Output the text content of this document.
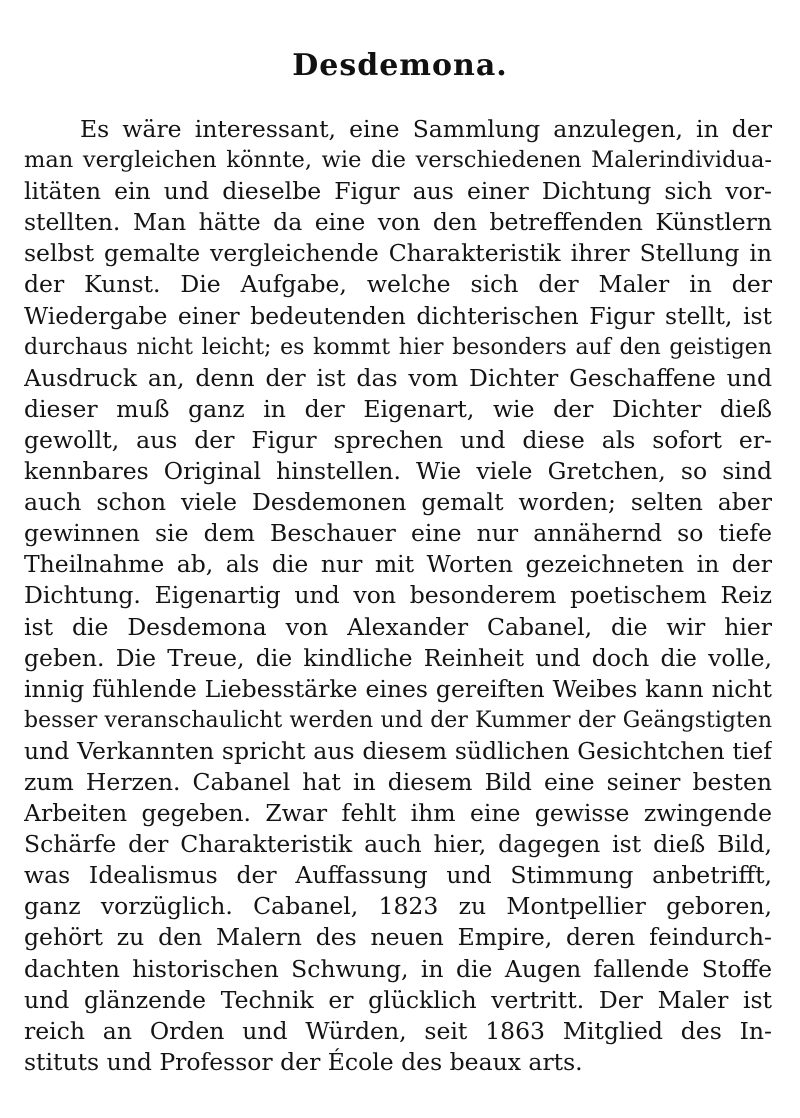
Desdemona.
Es wäre interessant, eine Sammlung anzulegen, in der
man vergleichen könnte, wie die verschiedenen Malerindividua-
litäten ein und dieselbe Figur aus einer Dichtung sich vor-
stellten. Man hätte da eine von den betreffenden Künstlern
selbst gemalte vergleichende Charakteristik ihrer Stellung in
der Kunst. Die Aufgabe, welche sich der Maler in der
Wiedergabe einer bedeutenden dichterischen Figur stellt, ist
durchaus nicht leicht; es kommt hier besonders auf den geistigen
Ausdruck an, denn der ist das vom Dichter Geschaffene und
dieser muß ganz in der Eigenart, wie der Dichter dieß
gewollt, aus der Figur sprechen und diese als sofort er-
kennbares Original hinstellen. Wie viele Gretchen, so sind
auch schon viele Desdemonen gemalt worden; selten aber
gewinnen sie dem Beschauer eine nur annähernd so tiefe
Theilnahme ab, als die nur mit Worten gezeichneten in der
Dichtung. Eigenartig und von besonderem poetischem Reiz
ist die Desdemona von Alexander Cabanel, die wir hier
geben. Die Treue, die kindliche Reinheit und doch die volle,
innig fühlende Liebesstärke eines gereiften Weibes kann nicht
besser veranschaulicht werden und der Kummer der Geängstigten
und Verkannten spricht aus diesem südlichen Gesichtchen tief
zum Herzen. Cabanel hat in diesem Bild eine seiner besten
Arbeiten gegeben. Zwar fehlt ihm eine gewisse zwingende
Schärfe der Charakteristik auch hier, dagegen ist dieß Bild,
was Idealismus der Auffassung und Stimmung anbetrifft,
ganz vorzüglich. Cabanel, 1823 zu Montpellier geboren,
gehört zu den Malern des neuen Empire, deren feindurch-
dachten historischen Schwung, in die Augen fallende Stoffe
und glänzende Technik er glücklich vertritt. Der Maler ist
reich an Orden und Würden, seit 1863 Mitglied des In-
stituts und Professor der École des beaux arts.
